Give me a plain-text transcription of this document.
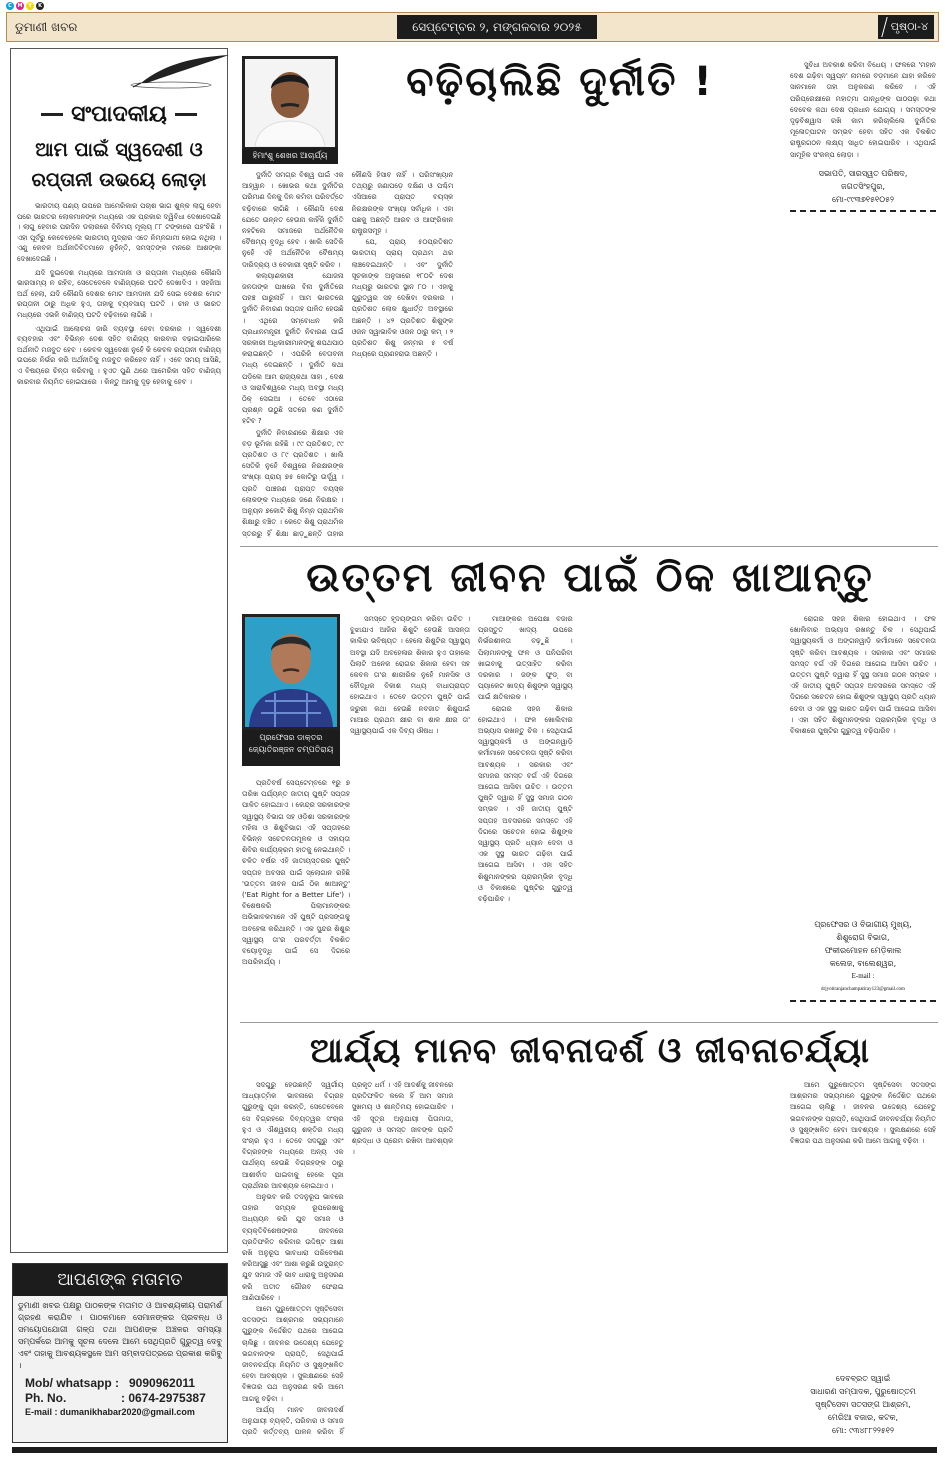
C	M	Y	K
ଡୁମାଣୀ ଖବର	ସେପ୍ଟେମ୍ବର ୨, ମଙ୍ଗଳବାର ୨୦୨୫	ପୃଷ୍ଠା-୪
ସଂପାଦକୀୟ
ଆମ ପାଇଁ ସ୍ୱଦେଶୀ ଓ ରପ୍ତାନୀ ଉଭୟେ ଲୋଡ଼ା

ଭାରତୀୟ ପଣ୍ୟ ଉପରେ ଆମେରିକାର ପଚାଶ ଭାଗ ଶୁଳ୍କ ଲାଗୁ ହେବା ପରେ ଭାରତର ଲୋକମାନଙ୍କ ମଧ୍ୟରେ ଏକ ପ୍ରକାର ଦ୍ୱିବିଧା ଦେଖାଦେଇଛି । ଲାଗୁ ହେବାର ପରଦିନ ଡଲାରରେ ବିନିମୟ ମୂଲ୍ୟ ୮୮ ଟଙ୍କାରେ ପହଂଚିଛି । ଏହା ପୂର୍ବରୁ କେବେହେଲେ ଭାରତୀୟ ମୁଦ୍ରାର ଏତେ ନିମ୍ନଗାମୀ ହୋଇ ନଥିଲା । ଏଣୁ କେବଳ ଅର୍ଥନୀତିବିତମାନେ ନୁହଁନ୍ତି, ସମସ୍ତଙ୍କ ମନରେ ଆଶଙ୍କା ଦେଖାଦେଇଛି ।

ଯଦି ଦୁଇଦେଶ ମଧ୍ୟରେ ଆମଦାନୀ ଓ ରପ୍ତାନୀ ମଧ୍ୟରେ କୌଣସି ଭାରସାମ୍ୟ ନ ରହିବ, ସେତେବେଳେ ବାଣିଜ୍ୟରେ ଘଟତି ଦେଖାଦିଏ । ସହଜିଆ ଅର୍ଥ ହେଲା, ଯଦି କୌଣସି ଦେଶର ମୋଟ ଆମଦାନୀ ଯଦି ସେଇ ଦେଶର ମୋଟ ରପ୍ତାନୀ ଠାରୁ ଅଧିକ ହୁଏ, ତାହାକୁ ବ୍ୟବସାୟ ଘଟତି । ଚୀନ ଓ ଭାରତ ମଧ୍ୟରେ ଏଭଳି ବାଣିଜ୍ୟ ଘଟତି ବଢ଼ିବାରେ ଲାଗିଛି ।

ଏଥିପାଇଁ ଆଲୋଚନା ଜାରି ବ୍ୟବସ୍ଥା ହେବା ଦରକାର । ସ୍ୱଦେଶୀ ବ୍ୟବହାର ଏବଂ ବିଭିନ୍ନ ଦେଶ ସହିତ ବାଣିଜ୍ୟ କାରବାର ବଢ଼ାଇପାରିଲେ ଅର୍ଥନୀତି ମଜବୁତ ହେବ । କେବଳ ସ୍ୱଦେଶୀ ନୁହେଁ କି କେବଳ ରପ୍ତାନୀ ବାଣିଜ୍ୟ ଉପରେ ନିର୍ଭର କରି ଅର୍ଥନୀତିକୁ ମଜବୁତ କରିହେବ ନାହିଁ । ଏବେ ସମୟ ଆସିଛି, ଏ ବିଷୟରେ ଚିନ୍ତା କରିବାକୁ । ହୁଏତ ପୁଣି ଥରେ ଆମେରିକା ସହିତ ବାଣିଜ୍ୟ କାରବାର ନିୟମିତ ହୋଇପାରେ । କିନ୍ତୁ ଆମକୁ ଦୃଢ଼ ହେବାକୁ ହେବ ।

ଆପଣଙ୍କ ମତାମତ
ଡୁମାଣୀ ଖବର ପକ୍ଷରୁ ପାଠକଙ୍କ ମତାମତ ଓ ଆବଶ୍ୟକୀୟ ପରାମର୍ଶ ଗ୍ରହଣ କରାଯିବ । ପାଠକମାନେ ସେମାନଙ୍କର ପ୍ରବନ୍ଧ ଓ ସମୟୋପଯୋଗୀ ଗଳ୍ପ ତଥା ଆପଣଙ୍କ ଅଞ୍ଚଳର ସମସ୍ୟା ସମ୍ପର୍କରେ ଆମକୁ ସୂଚନା ଦେଲେ ଆମେ ସେଥିପ୍ରତି ଗୁରୁତ୍ୱ ଦେବୁ ଏବଂ ତାହାକୁ ଆବଶ୍ୟକସ୍ଥଳେ ଆମ ସମ୍ବାଦପତ୍ରରେ ପ୍ରକାଶ କରିବୁ ।
Mob/ whatsapp : 9090962011
Ph. No.	: 0674-2975387
E-mail : dumanikhabar2020@gmail.com
ହିମାଂଶୁ ଶେଖର ଆଚାର୍ଯ୍ୟ
ବଢ଼ିଚାଲିଛି ଦୁର୍ନୀତି !

ଦୁର୍ନୀତି ସମଗ୍ର ବିଶ୍ୱ ପାଇଁ ଏକ ଆହ୍ୱାନ । ଖୋଭର କଥା ଦୁର୍ନୀତିର ପରିମାଣ ଦିନକୁ ଦିନ କମିବା ପରିବର୍ତ୍ତେ ବଢ଼ିବାରେ ଲାଗିଛି । କୌଣସି ଦେଶ ଯେତେ ଉନ୍ନତ ହେଉନା କାହିଁକି ଦୁର୍ନୀତି ନହଟିଲେ ସମାଜରେ ଅର୍ଥନୈତିକ ବୈଷମ୍ୟ ବୃଦ୍ଧି ହେବ । ଖାଲି ସେତିକି ନୁହେଁ ଏହି ଅର୍ଥନୈତିକ ବୈଷମ୍ୟ ଦାରିଦ୍ର୍ୟ ଓ ବେକାରୀ ସୃଷ୍ଟି କରିବ ।

କଲ୍ୟାଣକାରୀ ଯୋଜନା ଜନତାଙ୍କ ପାଖରେ ବିନା ଦୁର୍ନୀତିରେ ପହଞ୍ଚ ପାରୁନାହିଁ । ଆମ ଭାରତରେ ଦୁର୍ନୀତି ନିବାରଣ ସପ୍ତାହ ପାଳିତ ହେଉଛି । ଏଥିରେ ସମ୍ବୋଧନ କରି ପ୍ରଧାନମନ୍ତ୍ରୀ ଦୁର୍ନୀତି ନିବାରଣ ପାଇଁ ସରକାରୀ ଅଧିକାରୀମାନଙ୍କୁ ଶପଥପାଠ କରାଇଛନ୍ତି । ଏପରିକି ବେତାବନୀ ମଧ୍ୟ ଦେଇଛନ୍ତି । ଦୁର୍ନୀତି କଥା ପଡ଼ିଲେ ଆମ ରାଜ୍ୟକଥା ସାହା , ଦେଶ ଓ ସାରାବିଶ୍ୱରେ ମଧ୍ୟ ଅବସ୍ଥା ମଧ୍ୟ ଠିକ୍ ସେଇଆ । ତେବେ ଏଠାରେ ପ୍ରଶ୍ନ ଉଠୁଛି ସତରେ କଣ ଦୁର୍ନୀତି ହଟିବ ?

ଦୁର୍ନୀତି ନିବାରଣରେ ଶିକ୍ଷାର ଏକ ବଡ଼ ଭୂମିକା ରହିଛି । ୯୯ ପ୍ରତିଶତ, ୯୯ ପ୍ରତିଶତ ଓ ୮୯ ପ୍ରତିଶତ । ଖାଲି ସେତିକି ନୁହେଁ ବିଶ୍ୱରେ ନିରକ୍ଷରଙ୍କ ସଂଖ୍ୟା ପ୍ରାୟ ୭୫ କୋଟିରୁ ଉର୍ଦ୍ଧ୍ୱ । ପ୍ରତି ପାଞ୍ଚଜଣ ପ୍ରାପ୍ତ ବୟସ୍କ ଲୋକଙ୍କ ମଧ୍ୟରେ ଜଣେ ନିରକ୍ଷର । ଅନ୍ୟୁନ ୭କୋଟି ଶିଶୁ ନିମ୍ନ ପ୍ରାଥମିକ ଶିକ୍ଷାରୁ ବଞ୍ଚିତ । କେତେ ଶିଶୁ ପ୍ରାଥମିକ ସ୍ତରରୁ ହିଁ ଶିକ୍ଷା ଛାଡ଼ୁଛନ୍ତି ତାହାର କୌଣସି ହିସାବ ନାହିଁ । ପରିସଂଖ୍ୟାନ ତଥ୍ୟରୁ ଜଣାପଡ଼େ ଦକ୍ଷିଣ ଓ ପଶ୍ଚିମ ଏସିଆରେ ପ୍ରାପ୍ତ ବୟସ୍କ ନିରକ୍ଷରଙ୍କ ସଂଖ୍ୟା ସର୍ବାଧିକ । ଏହା ପଛକୁ ଅଛନ୍ତି ଆରବ ଓ ଆଫ୍ରିକାନ ରାଷ୍ଟ୍ରସମୂହ ।

ଯେ, ପ୍ରାୟ ୫୦ପ୍ରତିଶତ ଭାରତୀୟ ପ୍ରାୟ ପ୍ରଥମ ଥର ଲାଞ୍ଚଦେଇଥାନ୍ତି । ଏବଂ ଦୁର୍ନୀତି ସୂଚକାଙ୍କ ଅନୁସାରେ ୧୮୦ଟି ଦେଶ ମଧ୍ୟରୁ ଭାରତର ସ୍ଥାନ ୮୦ । ଏହାକୁ ଗୁରୁତ୍ୱର ସହ ଦେଖିବା ଦରକାର । ପ୍ରତିଶତ ଲୋକ କ୍ଷୁଧାର୍ତ୍ତ ଅବସ୍ଥାରେ ଅଛନ୍ତି । ୪୨ ପ୍ରତିଶତ ଶିଶୁଙ୍କ ଓଜନ ସ୍ୱାଭାବିକ ଓଜନ ଠାରୁ କମ୍ । ୨ ପ୍ରତିଶତ ଶିଶୁ ଜନ୍ମର ୫ ବର୍ଷ ମଧ୍ୟରେ ପ୍ରାଣହରାଉ ଅଛନ୍ତି ।

ସୁବିଧା ଅବକାଶ କରିବା ବିଧେୟ । ଫଳରେ 'ମହାନ ଦେଶ ଗଢ଼ିବା ସ୍ୱପ୍ନ' ନାମରେ ବଡ଼ମାନେ ଯାହା କରିବେ ସାନମାନେ ତାହା ଅନୁକରଣ କରିବେ । ଏହି ପରିପ୍ରେକ୍ଷୀରେ ମହାତ୍ମା ଗାନ୍ଧିଙ୍କ ପାଠପଢ଼ା କଥା ଦେବେକ କଥା ଦେଶ ପ୍ରଧାନ ଯୋଗ୍ୟ । ସମସ୍ତଙ୍କ ଦୃଢ଼ବିଶ୍ୱାସ ରଖି କାମ କରିଚାଲିଲେ ଦୁର୍ନୀତିର ମୂଳୋତ୍ପାଟନ ସମ୍ଭବ ହେବା ସହିତ ଏକ ବିକଶିତ ରାଷ୍ଟ୍ରଗଠନ ଲକ୍ଷ୍ୟ ସାଧିତ ହୋଇପାରିବ । ଏଥିପାଇଁ ସାମୂହିକ ସଂକଳ୍ପ ଲୋଡ଼ା ।

ସଭାପତି, ସାରସ୍ୱତ ପରିଷଦ,
ଜଗତସିଂହପୁର,
ମୋ-୯୯୩୭୧୫୧୦୫୨
ଉତ୍ତମ ଜୀବନ ପାଇଁ ଠିକ ଖାଆନ୍ତୁ
ପ୍ରଫେସର ଡାକ୍ତର
ଜ୍ୟୋତିରଞ୍ଜନ ଚମ୍ପତିରାୟ

ସମସ୍ତେ ହୃଦୟଙ୍ଗମ କରିବା ଉଚିତ । ବୁଝାଯାଏ ଆଜିର ଶିଶୁଟି ହେଉଛି ଆସନ୍ତା କାଲିର ଭବିଷ୍ୟତ । ହେଲେ ଶିଶୁଟିର ସ୍ୱାସ୍ଥ୍ୟ ଅବସ୍ଥା ଯଦି ଅବହେଳାର ଶିକାର ହୁଏ ତାହାଲେ ପିଲାଟି ଅନେକ ରୋଗର ଶିକାର ହେବା ସହ କେବଳ ତା'ର ଶାରୀରିକ ନୁହେଁ ମାନସିକ ଓ ବୌଦ୍ଧିକ ବିକାଶ ମଧ୍ୟ ବାଧାପ୍ରାପ୍ତ ହୋଇଥାଏ । ତେବେ ଉତ୍ତମ ପୁଷ୍ଟି ପାଇଁ ଜରୁରୀ କଥା ହେଉଛି ନବଜାତ ଶିଶୁପାଇଁ ମାଆର ପ୍ରଥମ କ୍ଷୀର ବା ଶାଳ କ୍ଷୀର ତା' ସ୍ୱାସ୍ଥ୍ୟପାଇଁ ଏକ ଦିବ୍ୟ ଔଷଧ ।

ପ୍ରତିବର୍ଷ ସେପ୍ଟେମ୍ବରେ ୧ରୁ ୭ ତାରିଖ ପର୍ଯ୍ୟନ୍ତ ଜାତୀୟ ପୁଷ୍ଟି ସପ୍ତାହ ପାଳିତ ହୋଇଥାଏ । କେନ୍ଦ୍ର ସରକାରଙ୍କ ସ୍ୱାସ୍ଥ୍ୟ ବିଭାଗ ସହ ଓଡ଼ିଶା ସରକାରଙ୍କ ମହିଳା ଓ ଶିଶୁବିଭାଗ ଏହି ସପ୍ତାହରେ ବିଭିନ୍ନ ସଚେତନତାମୂଳକ ଓ ସହାୟତା ଶିବିର କାର୍ଯ୍ୟକ୍ରମ ହାତକୁ ନେଇଥାନ୍ତି । ଚଳିତ ବର୍ଷର ଏହି ଜାତୀୟସ୍ତରର ପୁଷ୍ଟି ସପ୍ତାହ ଅବସର ପାଇଁ ସ୍ଲୋଗାନ ରହିଛି 'ଉତ୍ତମ ଜୀବନ ପାଇଁ ଠିକ ଖାଆନ୍ତୁ' ('Eat Right for a Better Life') । ବିଶେଷକରି ପିଲାମାନଙ୍କର ଅଭିଭାବକମାନେ ଏହି ପୁଷ୍ଟି ପ୍ରସଙ୍ଗକୁ ଅବହେଳା କରିଥାନ୍ତି । ଏକ ସୁନ୍ଦର ଶିଶୁର ସ୍ୱାସ୍ଥ୍ୟ ତା'ର ପରବର୍ତ୍ତୀ ବିକଶିତ ବୟୋବୃଦ୍ଧି ପାଇଁ ସେ ଦିଗରେ ଅପରିହାର୍ଯ୍ୟ ।

ମାଆଙ୍କର ଅପେକ୍ଷା ବଜାର ପ୍ରସ୍ତୁତ ଖାଦ୍ୟ ଉପରେ ନିର୍ଭରଶୀଳତା ବଢ଼ୁଛି । ପିଲାମାନଙ୍କୁ ଫଳ ଓ ପନିପରିବା ଖାଇବାକୁ ଉତ୍ସାହିତ କରିବା ଦରକାର । ଜଙ୍କ ଫୁଡ୍ ବା ପ୍ୟାକେଟ ଖାଦ୍ୟ ଶିଶୁଙ୍କ ସ୍ୱାସ୍ଥ୍ୟ ପାଇଁ କ୍ଷତିକାରକ ।

ରୋଗର ସହଜ ଶିକାର ହୋଇଥାଏ । ଫଳ ଖୋଲିବାର ଅଭ୍ୟାସ ରଖନ୍ତୁ ଚିକ । ସେଥିପାଇଁ ସ୍ୱାସ୍ଥ୍ୟକର୍ମୀ ଓ ଅଙ୍ଗନୱାଡ଼ି କର୍ମୀମାନେ ସଚେତନତା ସୃଷ୍ଟି କରିବା ଆବଶ୍ୟକ । ସରକାର ଏବଂ ସମାଜର ସମସ୍ତ ବର୍ଗ ଏହି ଦିଗରେ ଆଗେଇ ଆସିବା ଉଚିତ । ଉତ୍ତମ ପୁଷ୍ଟି ଦ୍ୱାରା ହିଁ ସୁସ୍ଥ ସମାଜ ଗଠନ ସମ୍ଭବ । ଏହି ଜାତୀୟ ପୁଷ୍ଟି ସପ୍ତାହ ଅବସରରେ ସମସ୍ତେ ଏହି ଦିଗରେ ସଚେତନ ହୋଇ ଶିଶୁଙ୍କ ସ୍ୱାସ୍ଥ୍ୟ ପ୍ରତି ଧ୍ୟାନ ଦେବା ଓ ଏକ ସୁସ୍ଥ ଭାରତ ଗଢ଼ିବା ପାଇଁ ଆଗେଇ ଆସିବା । ଏହା ସହିତ ଶିଶୁମାନଙ୍କର ପ୍ରାରମ୍ଭିକ ବୃଦ୍ଧି ଓ ବିକାଶରେ ପୁଷ୍ଟିର ଗୁରୁତ୍ୱ ବଢ଼ିପାରିବ ।

ରୋଗର ସହଜ ଶିକାର ହୋଇଥାଏ । ଫଳ ଖୋଲିବାର ଅଭ୍ୟାସ ରଖନ୍ତୁ ଚିକ । ସେଥିପାଇଁ ସ୍ୱାସ୍ଥ୍ୟକର୍ମୀ ଓ ଅଙ୍ଗନୱାଡ଼ି କର୍ମୀମାନେ ସଚେତନତା ସୃଷ୍ଟି କରିବା ଆବଶ୍ୟକ । ସରକାର ଏବଂ ସମାଜର ସମସ୍ତ ବର୍ଗ ଏହି ଦିଗରେ ଆଗେଇ ଆସିବା ଉଚିତ । ଉତ୍ତମ ପୁଷ୍ଟି ଦ୍ୱାରା ହିଁ ସୁସ୍ଥ ସମାଜ ଗଠନ ସମ୍ଭବ । ଏହି ଜାତୀୟ ପୁଷ୍ଟି ସପ୍ତାହ ଅବସରରେ ସମସ୍ତେ ଏହି ଦିଗରେ ସଚେତନ ହୋଇ ଶିଶୁଙ୍କ ସ୍ୱାସ୍ଥ୍ୟ ପ୍ରତି ଧ୍ୟାନ ଦେବା ଓ ଏକ ସୁସ୍ଥ ଭାରତ ଗଢ଼ିବା ପାଇଁ ଆଗେଇ ଆସିବା । ଏହା ସହିତ ଶିଶୁମାନଙ୍କର ପ୍ରାରମ୍ଭିକ ବୃଦ୍ଧି ଓ ବିକାଶରେ ପୁଷ୍ଟିର ଗୁରୁତ୍ୱ ବଢ଼ିପାରିବ ।

ପ୍ରଫେସର ଓ ବିଭାଗୀୟ ମୁଖ୍ୟ,
ଶିଶୁରୋଗ ବିଭାଗ,
ଫକୀରମୋହନ ମେଡ଼ିକାଲ
କଲେଜ, ବାଲେଶ୍ୱର,
E-mail :
drjyotiranjanchampatiray123@gmail.com
ଆର୍ଯ୍ୟ ମାନବ ଜୀବନାଦର୍ଶ ଓ ଜୀବନାଚର୍ଯ୍ୟା

ସଦଗୁରୁ ହେଉଛନ୍ତି ସ୍ୱର୍ଗୀୟ ଆଧ୍ୟାତ୍ମିକ ଭାବନାରେ ବିଗ୍ରହ ଗୁରୁଙ୍କୁ ପୂଜା କରନ୍ତି, ସେତେବେଳେ ସେ ବିଗ୍ରହରେ ଦିବ୍ୟତ୍ୱର ସଂଚାର ହୁଏ ଓ ଐଶ୍ୱରୀୟ ଶକ୍ତିର ମଧ୍ୟ ସଂଚାର ହୁଏ । ତେବେ ସଦଗୁରୁ ଏବଂ ବିଗ୍ରହଙ୍କ ମଧ୍ୟରେ ଅନ୍ୟ ଏକ ପାର୍ଥକ୍ୟ ହେଉଛି ବିଗ୍ରହଙ୍କ ଠାରୁ ଆଶୀର୍ବାଦ ପାଇବାକୁ ହେଲେ ପୂଜା ପ୍ରାର୍ଥନାର ଆବଶ୍ୟକ ହୋଇଥାଏ ।

ଅନୁଭବ କରି ତଦନୁରୂପ ଭାବରେ ତାହାର ସମ୍ୟକ ରୂପରେଖାକୁ ଅଧ୍ୟୟନ କରି ଯୁବ ସମାଜ ଓ ବ୍ୟକ୍ତିବିଶେଷଙ୍କର ଜୀବନରେ ପ୍ରତିଫଳିତ କରିବାର ଉଦ୍ଦିଷ୍ଟ ଆଶା ରଖି ଅନୁରୂପ ଭାବଧାରା ପରିବେଷଣ କରିଆସୁଛୁ ଏବଂ ଆଶା କରୁଛି ଉଦ୍ଭ୍ରାନ୍ତ ଯୁବ ସମାଜ ଏହି ଭାବ ଧାରାକୁ ଅନୁସରଣ କରି ଅତୀତ ଗୌରବ ଫେରାଇ ଆଣିପାରିବେ ।

ଆମେ ପୁରୁଷୋତ୍ତମ ସୃଷ୍ଟିସେବା ସତସଙ୍ଗ ଆଶ୍ରମର ସଭ୍ୟମାନେ ଗୁରୁଙ୍କ ନିର୍ଦ୍ଦେଶିତ ପଥରେ ଆଗେଇ ଚାଲିଛୁ । ଜୀବନର ଉଦ୍ଦେଶ୍ୟ ଯେହେତୁ ଭଗବାନଙ୍କ ପ୍ରାପ୍ତି, ସେଥିପାଇଁ ଜୀବନଚର୍ଯ୍ୟା ନିୟମିତ ଓ ସୁଶୃଙ୍ଖଳିତ ହେବା ଆବଶ୍ୟକ । ସୁଲକ୍ଷଣରେ ସେହି ବିଜ୍ଞତାର ପଥ ଅନୁସରଣ କରି ଆମେ ଆଗକୁ ବଢ଼ିବା ।

ଆର୍ଯ୍ୟ ମାନବ ଜୀବନାଦର୍ଶ ଅନୁଯାୟୀ ବ୍ୟକ୍ତି, ପରିବାର ଓ ସମାଜ ପ୍ରତି କର୍ତ୍ତବ୍ୟ ପାଳନ କରିବା ହିଁ ପ୍ରକୃତ ଧର୍ମ । ଏହି ଆଦର୍ଶକୁ ଜୀବନରେ ପ୍ରତିଫଳିତ କଲେ ହିଁ ଆମ ସମାଜ ସୁଖମୟ ଓ ଶାନ୍ତିମୟ ହୋଇପାରିବ । ଏହି ସୂତ୍ର ଅନୁଯାୟୀ ପିତାମାତା, ଗୁରୁଜନ ଓ ସମସ୍ତ ଜୀବଙ୍କ ପ୍ରତି ଶ୍ରଦ୍ଧା ଓ ପ୍ରେମ ରଖିବା ଆବଶ୍ୟକ ।

ଆମେ ପୁରୁଷୋତ୍ତମ ସୃଷ୍ଟିସେବା ସତସଙ୍ଗ ଆଶ୍ରମର ସଭ୍ୟମାନେ ଗୁରୁଙ୍କ ନିର୍ଦ୍ଦେଶିତ ପଥରେ ଆଗେଇ ଚାଲିଛୁ । ଜୀବନର ଉଦ୍ଦେଶ୍ୟ ଯେହେତୁ ଭଗବାନଙ୍କ ପ୍ରାପ୍ତି, ସେଥିପାଇଁ ଜୀବନଚର୍ଯ୍ୟା ନିୟମିତ ଓ ସୁଶୃଙ୍ଖଳିତ ହେବା ଆବଶ୍ୟକ । ସୁଲକ୍ଷଣରେ ସେହି ବିଜ୍ଞତାର ପଥ ଅନୁସରଣ କରି ଆମେ ଆଗକୁ ବଢ଼ିବା ।

ଦେବବ୍ରତ ସ୍ୱାଇଁ
ସାଧାରଣ ସମ୍ପାଦକ, ପୁରୁଷୋତ୍ତମ
ସୃଷ୍ଟିସେବା ସତସଙ୍ଗ ଆଶ୍ରମ,
ମେରିଆ ବଜାର, କଟକ,
ମୋ: ୯୩୪୮୮୨୨୫୧୨
